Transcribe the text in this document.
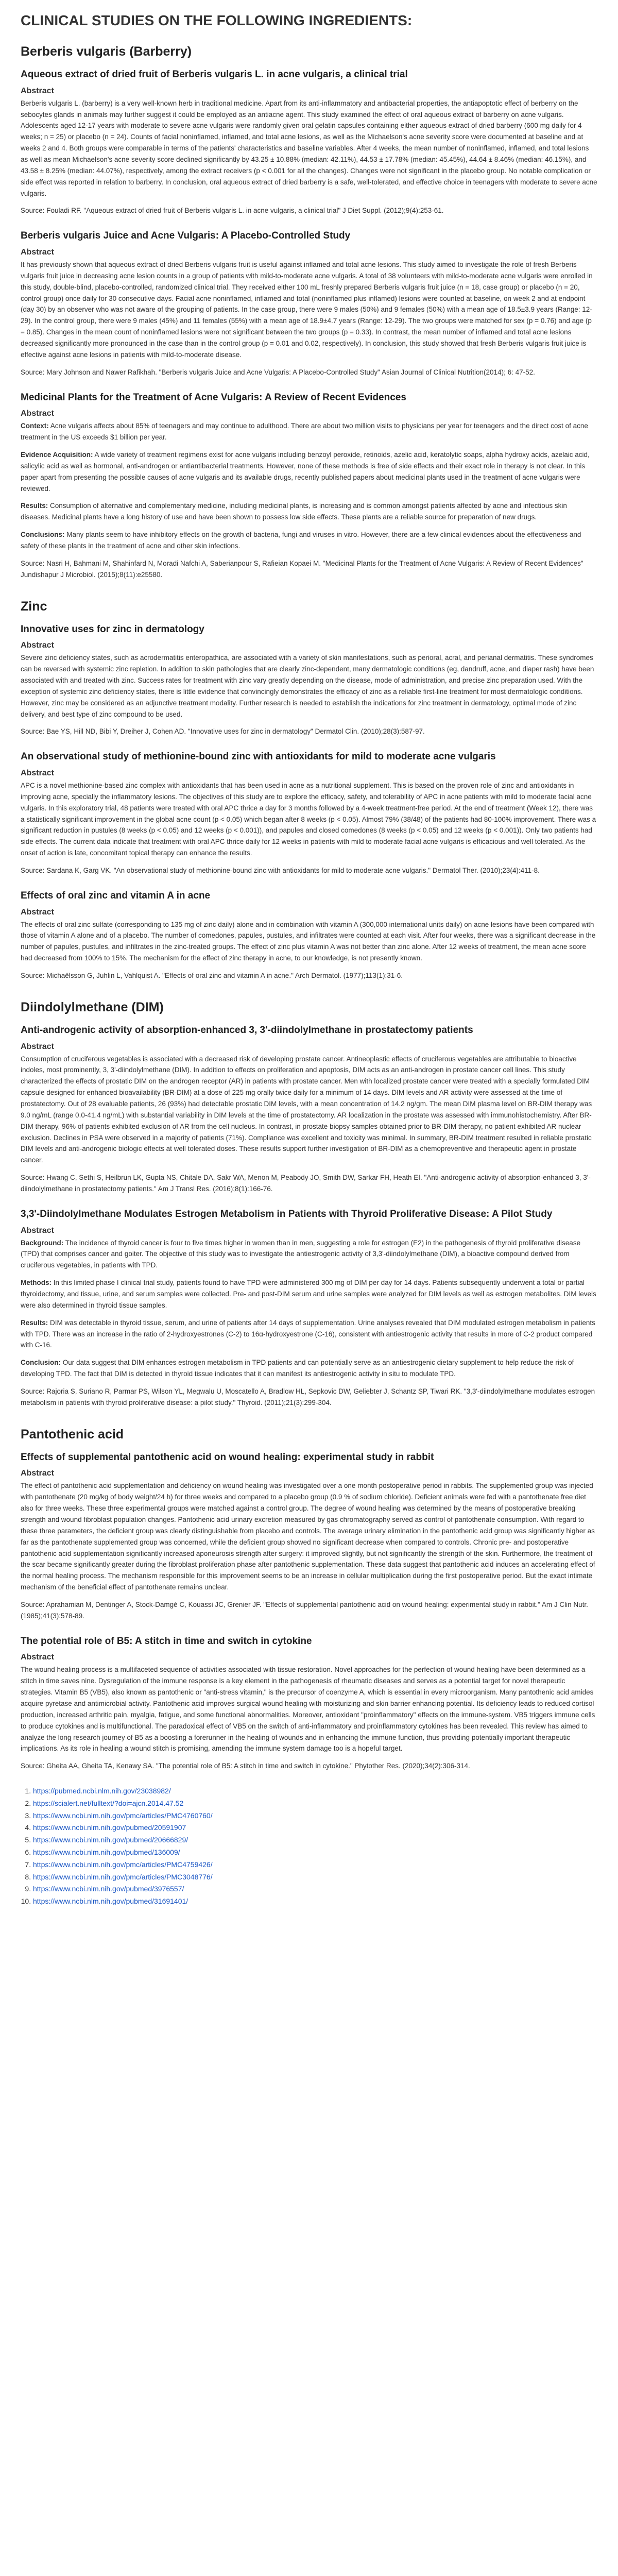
CLINICAL STUDIES ON THE FOLLOWING INGREDIENTS:
Berberis vulgaris (Barberry)
Aqueous extract of dried fruit of Berberis vulgaris L. in acne vulgaris, a clinical trial
Abstract

Berberis vulgaris L. (barberry) is a very well-known herb in traditional medicine. Apart from its anti-inflammatory and antibacterial properties, the antiapoptotic effect of berberry on the sebocytes glands in animals may further suggest it could be employed as an antiacne agent. This study examined the effect of oral aqueous extract of barberry on acne vulgaris. Adolescents aged 12-17 years with moderate to severe acne vulgaris were randomly given oral gelatin capsules containing either aqueous extract of dried barberry (600 mg daily for 4 weeks; n = 25) or placebo (n = 24). Counts of facial noninflamed, inflamed, and total acne lesions, as well as the Michaelson's acne severity score were documented at baseline and at weeks 2 and 4. Both groups were comparable in terms of the patients' characteristics and baseline variables. After 4 weeks, the mean number of noninflamed, inflamed, and total lesions as well as mean Michaelson's acne severity score declined significantly by 43.25 ± 10.88% (median: 42.11%), 44.53 ± 17.78% (median: 45.45%), 44.64 ± 8.46% (median: 46.15%), and 43.58 ± 8.25% (median: 44.07%), respectively, among the extract receivers (p < 0.001 for all the changes). Changes were not significant in the placebo group. No notable complication or side effect was reported in relation to barberry. In conclusion, oral aqueous extract of dried barberry is a safe, well-tolerated, and effective choice in teenagers with moderate to severe acne vulgaris.

Source: Fouladi RF. "Aqueous extract of dried fruit of Berberis vulgaris L. in acne vulgaris, a clinical trial" J Diet Suppl. (2012);9(4):253-61.

Berberis vulgaris Juice and Acne Vulgaris: A Placebo-Controlled Study
Abstract

It has previously shown that aqueous extract of dried Berberis vulgaris fruit is useful against inflamed and total acne lesions. This study aimed to investigate the role of fresh Berberis vulgaris fruit juice in decreasing acne lesion counts in a group of patients with mild-to-moderate acne vulgaris. A total of 38 volunteers with mild-to-moderate acne vulgaris were enrolled in this study, double-blind, placebo-controlled, randomized clinical trial. They received either 100 mL freshly prepared Berberis vulgaris fruit juice (n = 18, case group) or placebo (n = 20, control group) once daily for 30 consecutive days. Facial acne noninflamed, inflamed and total (noninflamed plus inflamed) lesions were counted at baseline, on week 2 and at endpoint (day 30) by an observer who was not aware of the grouping of patients. In the case group, there were 9 males (50%) and 9 females (50%) with a mean age of 18.5±3.9 years (Range: 12-29). In the control group, there were 9 males (45%) and 11 females (55%) with a mean age of 18.9±4.7 years (Range: 12-29). The two groups were matched for sex (p = 0.76) and age (p = 0.85). Changes in the mean count of noninflamed lesions were not significant between the two groups (p = 0.33). In contrast, the mean number of inflamed and total acne lesions decreased significantly more pronounced in the case than in the control group (p = 0.01 and 0.02, respectively). In conclusion, this study showed that fresh Berberis vulgaris fruit juice is effective against acne lesions in patients with mild-to-moderate disease.

Source: Mary Johnson and Nawer Rafikhah. "Berberis vulgaris Juice and Acne Vulgaris: A Placebo-Controlled Study" Asian Journal of Clinical Nutrition(2014); 6: 47-52.

Medicinal Plants for the Treatment of Acne Vulgaris: A Review of Recent Evidences
Abstract

Context: Acne vulgaris affects about 85% of teenagers and may continue to adulthood. There are about two million visits to physicians per year for teenagers and the direct cost of acne treatment in the US exceeds $1 billion per year.

Evidence Acquisition: A wide variety of treatment regimens exist for acne vulgaris including benzoyl peroxide, retinoids, azelic acid, keratolytic soaps, alpha hydroxy acids, azelaic acid, salicylic acid as well as hormonal, anti-androgen or antiantibacterial treatments. However, none of these methods is free of side effects and their exact role in therapy is not clear. In this paper apart from presenting the possible causes of acne vulgaris and its available drugs, recently published papers about medicinal plants used in the treatment of acne vulgaris were reviewed.

Results: Consumption of alternative and complementary medicine, including medicinal plants, is increasing and is common amongst patients affected by acne and infectious skin diseases. Medicinal plants have a long history of use and have been shown to possess low side effects. These plants are a reliable source for preparation of new drugs.

Conclusions: Many plants seem to have inhibitory effects on the growth of bacteria, fungi and viruses in vitro. However, there are a few clinical evidences about the effectiveness and safety of these plants in the treatment of acne and other skin infections.

Source: Nasri H, Bahmani M, Shahinfard N, Moradi Nafchi A, Saberianpour S, Rafieian Kopaei M. "Medicinal Plants for the Treatment of Acne Vulgaris: A Review of Recent Evidences" Jundishapur J Microbiol. (2015);8(11):e25580.

Zinc
Innovative uses for zinc in dermatology
Abstract

Severe zinc deficiency states, such as acrodermatitis enteropathica, are associated with a variety of skin manifestations, such as perioral, acral, and perianal dermatitis. These syndromes can be reversed with systemic zinc repletion. In addition to skin pathologies that are clearly zinc-dependent, many dermatologic conditions (eg, dandruff, acne, and diaper rash) have been associated with and treated with zinc. Success rates for treatment with zinc vary greatly depending on the disease, mode of administration, and precise zinc preparation used. With the exception of systemic zinc deficiency states, there is little evidence that convincingly demonstrates the efficacy of zinc as a reliable first-line treatment for most dermatologic conditions. However, zinc may be considered as an adjunctive treatment modality. Further research is needed to establish the indications for zinc treatment in dermatology, optimal mode of zinc delivery, and best type of zinc compound to be used.

Source: Bae YS, Hill ND, Bibi Y, Dreiher J, Cohen AD. "Innovative uses for zinc in dermatology" Dermatol Clin. (2010);28(3):587-97.

An observational study of methionine-bound zinc with antioxidants for mild to moderate acne vulgaris
Abstract

APC is a novel methionine-based zinc complex with antioxidants that has been used in acne as a nutritional supplement. This is based on the proven role of zinc and antioxidants in improving acne, specially the inflammatory lesions. The objectives of this study are to explore the efficacy, safety, and tolerability of APC in acne patients with mild to moderate facial acne vulgaris. In this exploratory trial, 48 patients were treated with oral APC thrice a day for 3 months followed by a 4-week treatment-free period. At the end of treatment (Week 12), there was a statistically significant improvement in the global acne count (p < 0.05) which began after 8 weeks (p < 0.05). Almost 79% (38/48) of the patients had 80-100% improvement. There was a significant reduction in pustules (8 weeks (p < 0.05) and 12 weeks (p < 0.001)), and papules and closed comedones (8 weeks (p < 0.05) and 12 weeks (p < 0.001)). Only two patients had side effects. The current data indicate that treatment with oral APC thrice daily for 12 weeks in patients with mild to moderate facial acne vulgaris is efficacious and well tolerated. As the onset of action is late, concomitant topical therapy can enhance the results.

Source: Sardana K, Garg VK. "An observational study of methionine-bound zinc with antioxidants for mild to moderate acne vulgaris." Dermatol Ther. (2010);23(4):411-8.

Effects of oral zinc and vitamin A in acne
Abstract

The effects of oral zinc sulfate (corresponding to 135 mg of zinc daily) alone and in combination with vitamin A (300,000 international units daily) on acne lesions have been compared with those of vitamin A alone and of a placebo. The number of comedones, papules, pustules, and infiltrates were counted at each visit. After four weeks, there was a significant decrease in the number of papules, pustules, and infiltrates in the zinc-treated groups. The effect of zinc plus vitamin A was not better than zinc alone. After 12 weeks of treatment, the mean acne score had decreased from 100% to 15%. The mechanism for the effect of zinc therapy in acne, to our knowledge, is not presently known.

Source: Michaëlsson G, Juhlin L, Vahlquist A. "Effects of oral zinc and vitamin A in acne." Arch Dermatol. (1977);113(1):31-6.

Diindolylmethane (DIM)
Anti-androgenic activity of absorption-enhanced 3, 3'-diindolylmethane in prostatectomy patients
Abstract

Consumption of cruciferous vegetables is associated with a decreased risk of developing prostate cancer. Antineoplastic effects of cruciferous vegetables are attributable to bioactive indoles, most prominently, 3, 3'-diindolylmethane (DIM). In addition to effects on proliferation and apoptosis, DIM acts as an anti-androgen in prostate cancer cell lines. This study characterized the effects of prostatic DIM on the androgen receptor (AR) in patients with prostate cancer. Men with localized prostate cancer were treated with a specially formulated DIM capsule designed for enhanced bioavailability (BR-DIM) at a dose of 225 mg orally twice daily for a minimum of 14 days. DIM levels and AR activity were assessed at the time of prostatectomy. Out of 28 evaluable patients, 26 (93%) had detectable prostatic DIM levels, with a mean concentration of 14.2 ng/gm. The mean DIM plasma level on BR-DIM therapy was 9.0 ng/mL (range 0.0-41.4 ng/mL) with substantial variability in DIM levels at the time of prostatectomy. AR localization in the prostate was assessed with immunohistochemistry. After BR-DIM therapy, 96% of patients exhibited exclusion of AR from the cell nucleus. In contrast, in prostate biopsy samples obtained prior to BR-DIM therapy, no patient exhibited AR nuclear exclusion. Declines in PSA were observed in a majority of patients (71%). Compliance was excellent and toxicity was minimal. In summary, BR-DIM treatment resulted in reliable prostatic DIM levels and anti-androgenic biologic effects at well tolerated doses. These results support further investigation of BR-DIM as a chemopreventive and therapeutic agent in prostate cancer.

Source: Hwang C, Sethi S, Heilbrun LK, Gupta NS, Chitale DA, Sakr WA, Menon M, Peabody JO, Smith DW, Sarkar FH, Heath EI. "Anti-androgenic activity of absorption-enhanced 3, 3'-diindolylmethane in prostatectomy patients." Am J Transl Res. (2016);8(1):166-76.

3,3'-Diindolylmethane Modulates Estrogen Metabolism in Patients with Thyroid Proliferative Disease: A Pilot Study
Abstract

Background: The incidence of thyroid cancer is four to five times higher in women than in men, suggesting a role for estrogen (E2) in the pathogenesis of thyroid proliferative disease (TPD) that comprises cancer and goiter. The objective of this study was to investigate the antiestrogenic activity of 3,3'-diindolylmethane (DIM), a bioactive compound derived from cruciferous vegetables, in patients with TPD.

Methods: In this limited phase I clinical trial study, patients found to have TPD were administered 300 mg of DIM per day for 14 days. Patients subsequently underwent a total or partial thyroidectomy, and tissue, urine, and serum samples were collected. Pre- and post-DIM serum and urine samples were analyzed for DIM levels as well as estrogen metabolites. DIM levels were also determined in thyroid tissue samples.

Results: DIM was detectable in thyroid tissue, serum, and urine of patients after 14 days of supplementation. Urine analyses revealed that DIM modulated estrogen metabolism in patients with TPD. There was an increase in the ratio of 2-hydroxyestrones (C-2) to 16α-hydroxyestrone (C-16), consistent with antiestrogenic activity that results in more of C-2 product compared with C-16.

Conclusion: Our data suggest that DIM enhances estrogen metabolism in TPD patients and can potentially serve as an antiestrogenic dietary supplement to help reduce the risk of developing TPD. The fact that DIM is detected in thyroid tissue indicates that it can manifest its antiestrogenic activity in situ to modulate TPD.

Source: Rajoria S, Suriano R, Parmar PS, Wilson YL, Megwalu U, Moscatello A, Bradlow HL, Sepkovic DW, Geliebter J, Schantz SP, Tiwari RK. "3,3'-diindolylmethane modulates estrogen metabolism in patients with thyroid proliferative disease: a pilot study." Thyroid. (2011);21(3):299-304.

Pantothenic acid
Effects of supplemental pantothenic acid on wound healing: experimental study in rabbit
Abstract

The effect of pantothenic acid supplementation and deficiency on wound healing was investigated over a one month postoperative period in rabbits. The supplemented group was injected with pantothenate (20 mg/kg of body weight/24 h) for three weeks and compared to a placebo group (0.9 % of sodium chloride). Deficient animals were fed with a pantothenate free diet also for three weeks. These three experimental groups were matched against a control group. The degree of wound healing was determined by the means of postoperative breaking strength and wound fibroblast population changes. Pantothenic acid urinary excretion measured by gas chromatography served as control of pantothenate consumption. With regard to these three parameters, the deficient group was clearly distinguishable from placebo and controls. The average urinary elimination in the pantothenic acid group was significantly higher as far as the pantothenate supplemented group was concerned, while the deficient group showed no significant decrease when compared to controls. Chronic pre- and postoperative pantothenic acid supplementation significantly increased aponeurosis strength after surgery: it improved slightly, but not significantly the strength of the skin. Furthermore, the treatment of the scar became significantly greater during the fibroblast proliferation phase after pantothenic supplementation. These data suggest that pantothenic acid induces an accelerating effect of the normal healing process. The mechanism responsible for this improvement seems to be an increase in cellular multiplication during the first postoperative period. But the exact intimate mechanism of the beneficial effect of pantothenate remains unclear.

Source: Aprahamian M, Dentinger A, Stock-Damgé C, Kouassi JC, Grenier JF. "Effects of supplemental pantothenic acid on wound healing: experimental study in rabbit." Am J Clin Nutr. (1985);41(3):578-89.

The potential role of B5: A stitch in time and switch in cytokine
Abstract

The wound healing process is a multifaceted sequence of activities associated with tissue restoration. Novel approaches for the perfection of wound healing have been determined as a stitch in time saves nine. Dysregulation of the immune response is a key element in the pathogenesis of rheumatic diseases and serves as a potential target for novel therapeutic strategies. Vitamin B5 (VB5), also known as pantothenic or "anti-stress vitamin," is the precursor of coenzyme A, which is essential in every microorganism. Many pantothenic acid amides acquire pyretase and antimicrobial activity. Pantothenic acid improves surgical wound healing with moisturizing and skin barrier enhancing potential. Its deficiency leads to reduced cortisol production, increased arthritic pain, myalgia, fatigue, and some functional abnormalities. Moreover, antioxidant "proinflammatory" effects on the immune-system. VB5 triggers immune cells to produce cytokines and is multifunctional. The paradoxical effect of VB5 on the switch of anti-inflammatory and proinflammatory cytokines has been revealed. This review has aimed to analyze the long research journey of B5 as a boosting a forerunner in the healing of wounds and in enhancing the immune function, thus providing potentially important therapeutic implications. As its role in healing a wound stitch is promising, amending the immune system damage too is a hopeful target.

Source: Gheita AA, Gheita TA, Kenawy SA. "The potential role of B5: A stitch in time and switch in cytokine." Phytother Res. (2020);34(2):306-314.

1. https://pubmed.ncbi.nlm.nih.gov/23038982/
2. https://scialert.net/fulltext/?doi=ajcn.2014.47.52
3. https://www.ncbi.nlm.nih.gov/pmc/articles/PMC4760760/
4. https://www.ncbi.nlm.nih.gov/pubmed/20591907
5. https://www.ncbi.nlm.nih.gov/pubmed/20666829/
6. https://www.ncbi.nlm.nih.gov/pubmed/136009/
7. https://www.ncbi.nlm.nih.gov/pmc/articles/PMC4759426/
8. https://www.ncbi.nlm.nih.gov/pmc/articles/PMC3048776/
9. https://www.ncbi.nlm.nih.gov/pubmed/3976557/
10. https://www.ncbi.nlm.nih.gov/pubmed/31691401/
